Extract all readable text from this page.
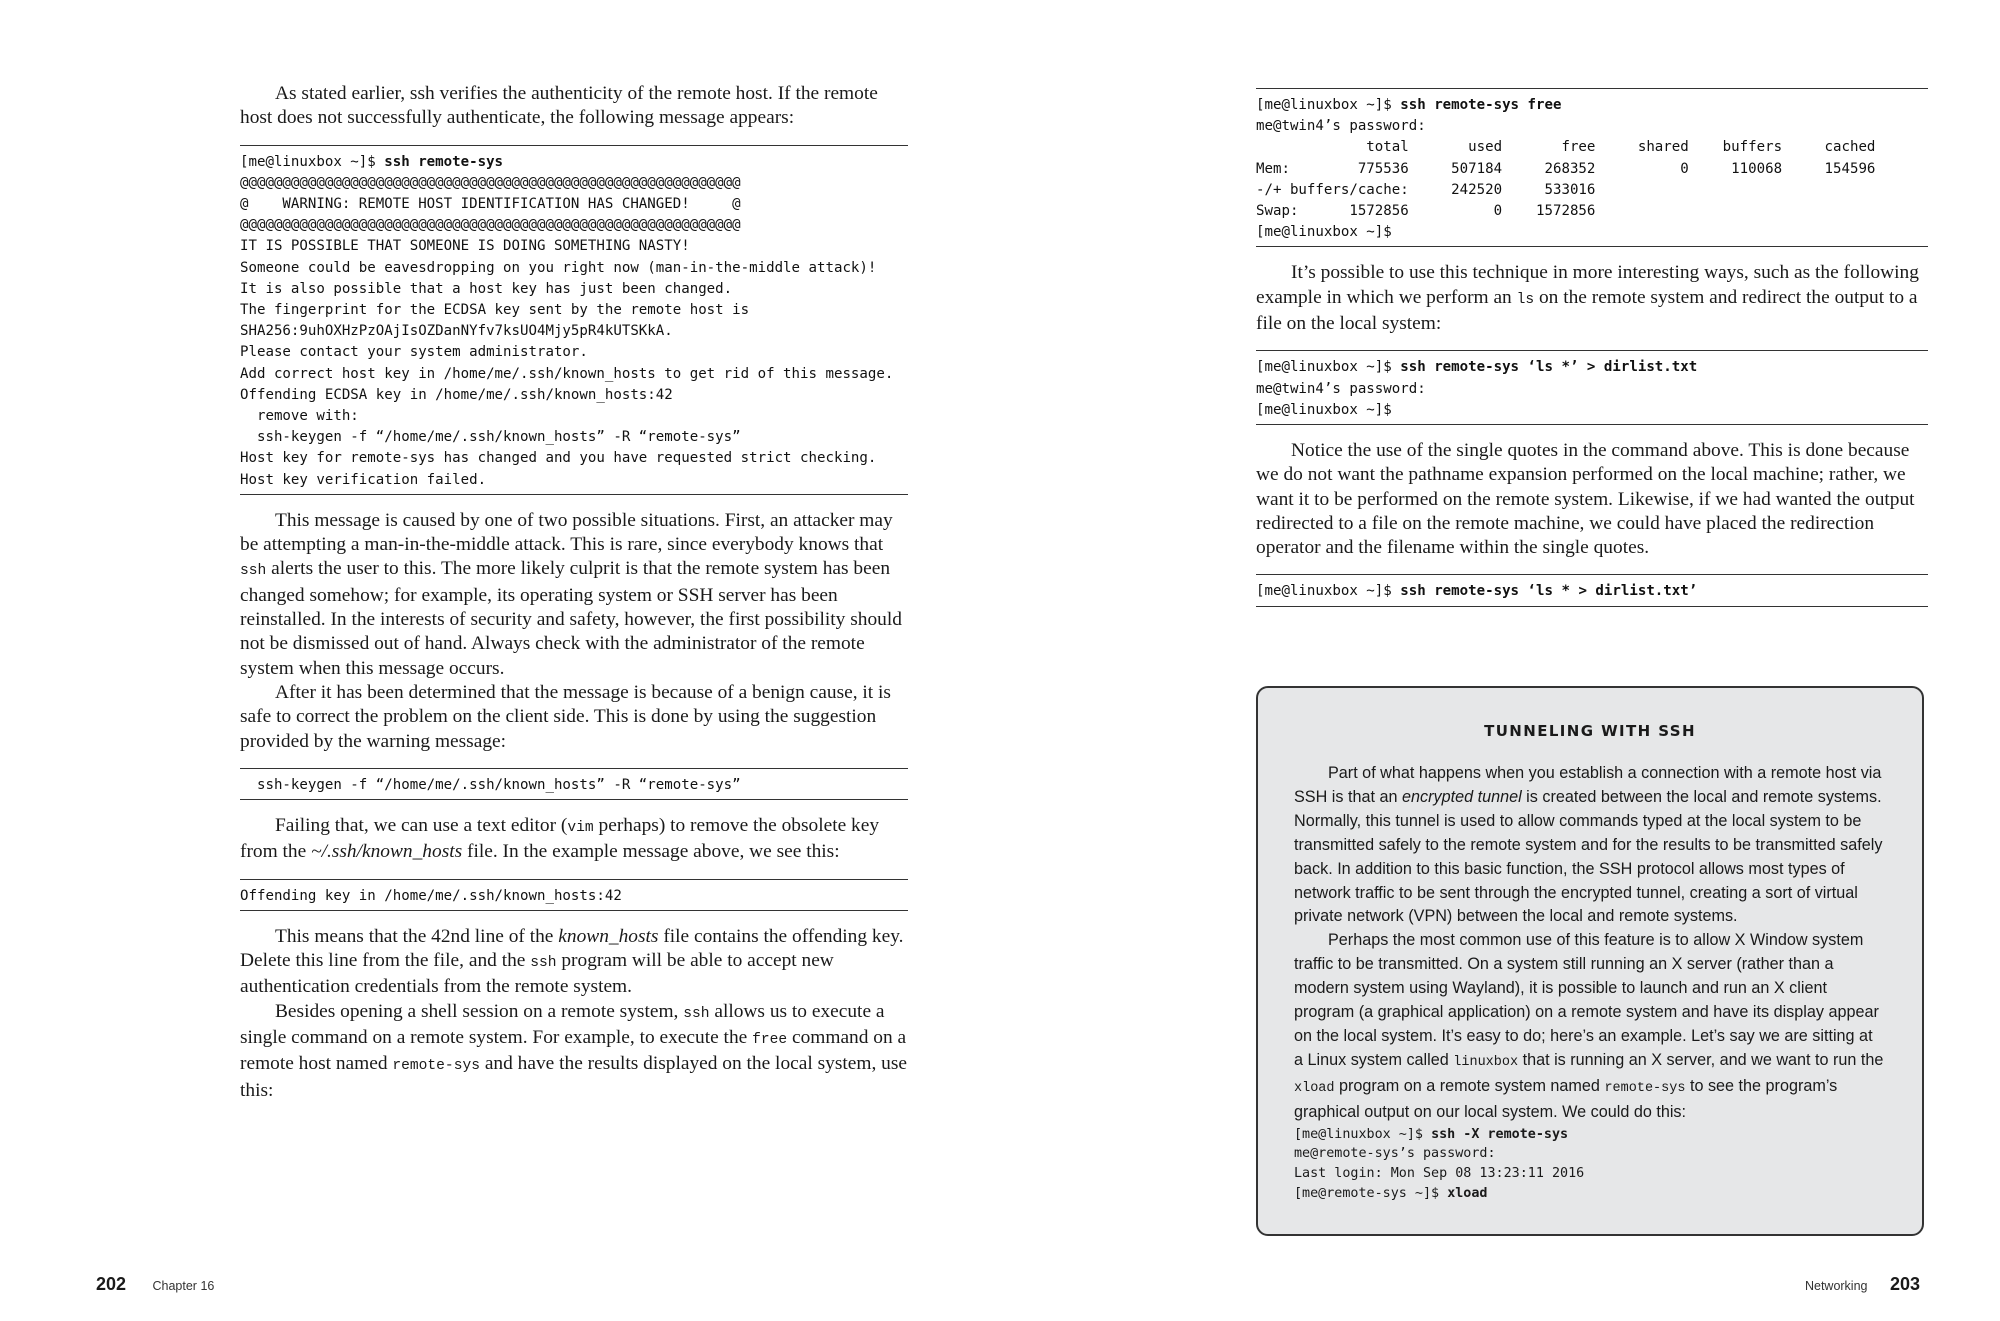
As stated earlier, ssh verifies the authenticity of the remote host. If the remote host does not successfully authenticate, the following message appears:

[me@linuxbox ~]$ ssh remote-sys
@@@@@@@@@@@@@@@@@@@@@@@@@@@@@@@@@@@@@@@@@@@@@@@@@@@@@@@@@@@
@    WARNING: REMOTE HOST IDENTIFICATION HAS CHANGED!     @
@@@@@@@@@@@@@@@@@@@@@@@@@@@@@@@@@@@@@@@@@@@@@@@@@@@@@@@@@@@
IT IS POSSIBLE THAT SOMEONE IS DOING SOMETHING NASTY!
Someone could be eavesdropping on you right now (man-in-the-middle attack)!
It is also possible that a host key has just been changed.
The fingerprint for the ECDSA key sent by the remote host is
SHA256:9uhOXHzPzOAjIsOZDanNYfv7ksUO4Mjy5pR4kUTSKkA.
Please contact your system administrator.
Add correct host key in /home/me/.ssh/known_hosts to get rid of this message.
Offending ECDSA key in /home/me/.ssh/known_hosts:42
remove with:
ssh-keygen -f “/home/me/.ssh/known_hosts” -R “remote-sys”
Host key for remote-sys has changed and you have requested strict checking.
Host key verification failed.

This message is caused by one of two possible situations. First, an attacker may be attempting a man-in-the-middle attack. This is rare, since everybody knows that ssh alerts the user to this. The more likely culprit is that the remote system has been changed somehow; for example, its operating system or SSH server has been reinstalled. In the interests of security and safety, however, the first possibility should not be dismissed out of hand. Always check with the administrator of the remote system when this message occurs.

After it has been determined that the message is because of a benign cause, it is safe to correct the problem on the client side. This is done by using the suggestion provided by the warning message:

ssh-keygen -f “/home/me/.ssh/known_hosts” -R “remote-sys”

Failing that, we can use a text editor (vim perhaps) to remove the obsolete key from the ~/.ssh/known_hosts file. In the example message above, we see this:

Offending key in /home/me/.ssh/known_hosts:42

This means that the 42nd line of the known_hosts file contains the offending key. Delete this line from the file, and the ssh program will be able to accept new authentication credentials from the remote system.

Besides opening a shell session on a remote system, ssh allows us to execute a single command on a remote system. For example, to execute the free command on a remote host named remote-sys and have the results displayed on the local system, use this:

202 Chapter 16
[me@linuxbox ~]$ ssh remote-sys free
me@twin4’s password:
total       used       free     shared    buffers     cached
Mem:        775536     507184     268352          0     110068     154596
-/+ buffers/cache:     242520     533016
Swap:      1572856          0    1572856
[me@linuxbox ~]$

It’s possible to use this technique in more interesting ways, such as the following example in which we perform an ls on the remote system and redirect the output to a file on the local system:

[me@linuxbox ~]$ ssh remote-sys ‘ls *’ > dirlist.txt
me@twin4’s password:
[me@linuxbox ~]$

Notice the use of the single quotes in the command above. This is done because we do not want the pathname expansion performed on the local machine; rather, we want it to be performed on the remote system. Likewise, if we had wanted the output redirected to a file on the remote machine, we could have placed the redirection operator and the filename within the single quotes.

[me@linuxbox ~]$ ssh remote-sys ‘ls * > dirlist.txt’
TUNNELING WITH SSH

Part of what happens when you establish a connection with a remote host via SSH is that an encrypted tunnel is created between the local and remote systems. Normally, this tunnel is used to allow commands typed at the local system to be transmitted safely to the remote system and for the results to be transmitted safely back. In addition to this basic function, the SSH protocol allows most types of network traffic to be sent through the encrypted tunnel, creating a sort of virtual private network (VPN) between the local and remote systems.

Perhaps the most common use of this feature is to allow X Window system traffic to be transmitted. On a system still running an X server (rather than a modern system using Wayland), it is possible to launch and run an X client program (a graphical application) on a remote system and have its display appear on the local system. It’s easy to do; here’s an example. Let’s say we are sitting at a Linux system called linuxbox that is running an X server, and we want to run the xload program on a remote system named remote-sys to see the program’s graphical output on our local system. We could do this:

[me@linuxbox ~]$ ssh -X remote-sys
me@remote-sys’s password:
Last login: Mon Sep 08 13:23:11 2016
[me@remote-sys ~]$ xload
Networking 203
